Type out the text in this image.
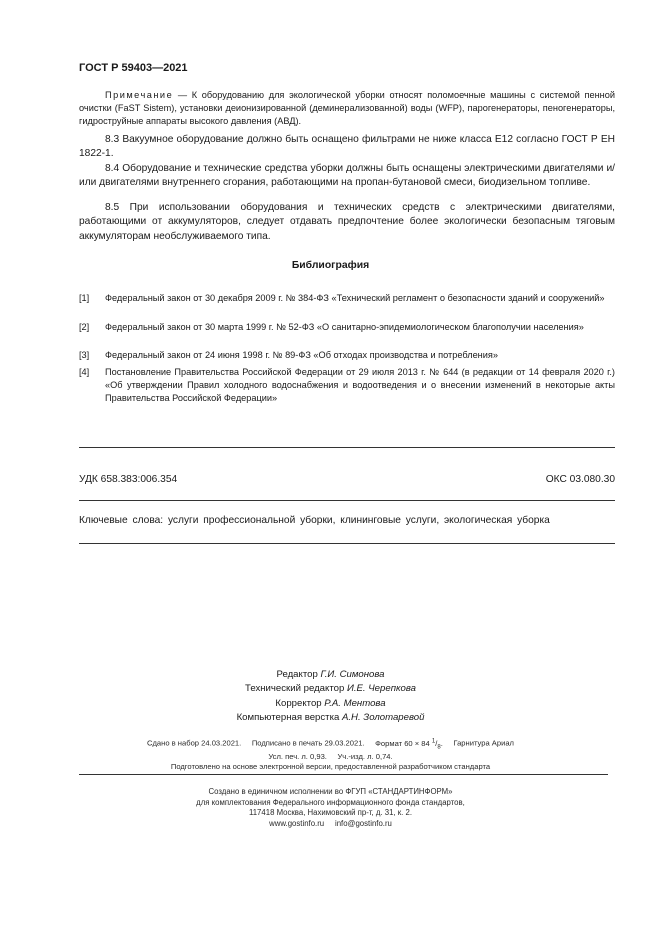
ГОСТ Р 59403—2021
Примечание — К оборудованию для экологической уборки относят поломоечные машины с системой пенной очистки (FaST Sistem), установки деионизированной (деминерализованной) воды (WFP), парогенераторы, пеногенераторы, гидроструйные аппараты высокого давления (АВД).
8.3 Вакуумное оборудование должно быть оснащено фильтрами не ниже класса Е12 согласно ГОСТ Р ЕН 1822-1.
8.4 Оборудование и технические средства уборки должны быть оснащены электрическими двигателями и/или двигателями внутреннего сгорания, работающими на пропан-бутановой смеси, биодизельном топливе.
8.5 При использовании оборудования и технических средств с электрическими двигателями, работающими от аккумуляторов, следует отдавать предпочтение более экологически безопасным тяговым аккумуляторам необслуживаемого типа.
Библиография
[1] Федеральный закон от 30 декабря 2009 г. № 384-ФЗ «Технический регламент о безопасности зданий и сооружений»
[2] Федеральный закон от 30 марта 1999 г. № 52-ФЗ «О санитарно-эпидемиологическом благополучии населения»
[3] Федеральный закон от 24 июня 1998 г. № 89-ФЗ «Об отходах производства и потребления»
[4] Постановление Правительства Российской Федерации от 29 июля 2013 г. № 644 (в редакции от 14 февраля 2020 г.) «Об утверждении Правил холодного водоснабжения и водоотведения и о внесении изменений в некоторые акты Правительства Российской Федерации»
УДК 658.383:006.354	ОКС 03.080.30
Ключевые слова: услуги профессиональной уборки, клининговые услуги, экологическая уборка
Редактор Г.И. Симонова
Технический редактор И.Е. Черепкова
Корректор Р.А. Ментова
Компьютерная верстка А.Н. Золотаревой
Сдано в набор 24.03.2021. Подписано в печать 29.03.2021. Формат 60 × 84 $^1/_8$. Гарнитура Ариал
Усл. печ. л. 0,93. Уч.-изд. л. 0,74.
Подготовлено на основе электронной версии, предоставленной разработчиком стандарта
Создано в единичном исполнении во ФГУП «СТАНДАРТИНФОРМ»
для комплектования Федерального информационного фонда стандартов,
117418 Москва, Нахимовский пр-т, д. 31, к. 2.
www.gostinfo.ru info@gostinfo.ru
